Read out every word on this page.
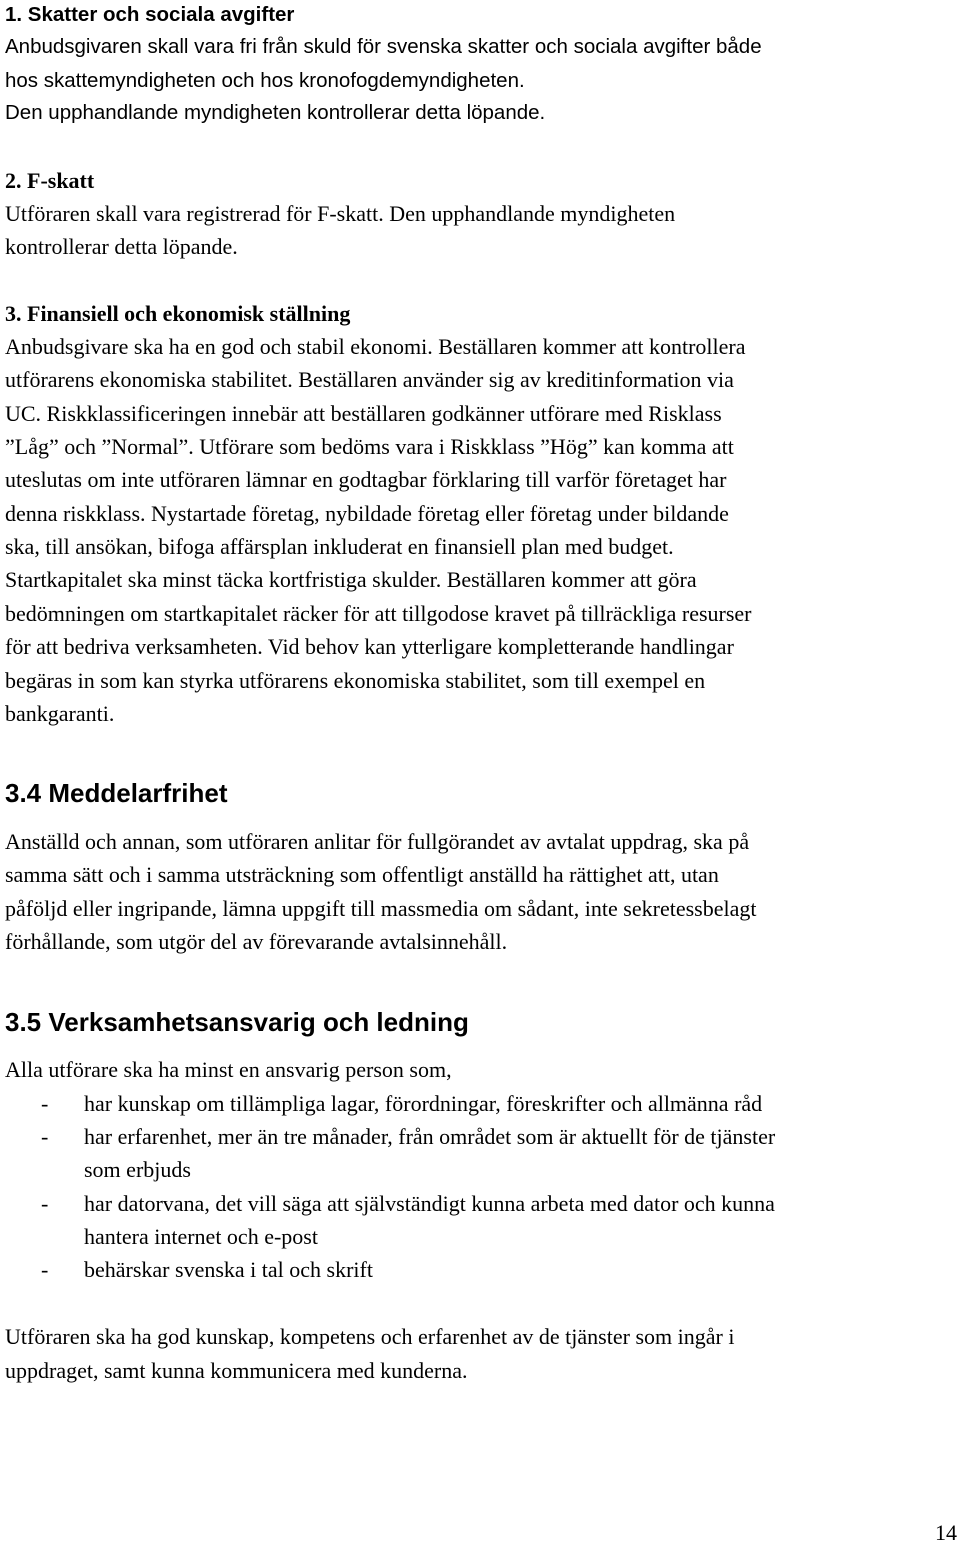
1. Skatter och sociala avgifter
Anbudsgivaren skall vara fri från skuld för svenska skatter och sociala avgifter både
hos skattemyndigheten och hos kronofogdemyndigheten.
Den upphandlande myndigheten kontrollerar detta löpande.
2. F-skatt
Utföraren skall vara registrerad för F-skatt. Den upphandlande myndigheten
kontrollerar detta löpande.
3. Finansiell och ekonomisk ställning
Anbudsgivare ska ha en god och stabil ekonomi. Beställaren kommer att kontrollera
utförarens ekonomiska stabilitet. Beställaren använder sig av kreditinformation via
UC. Riskklassificeringen innebär att beställaren godkänner utförare med Risklass
”Låg” och ”Normal”. Utförare som bedöms vara i Riskklass ”Hög” kan komma att
uteslutas om inte utföraren lämnar en godtagbar förklaring till varför företaget har
denna riskklass. Nystartade företag, nybildade företag eller företag under bildande
ska, till ansökan, bifoga affärsplan inkluderat en finansiell plan med budget.
Startkapitalet ska minst täcka kortfristiga skulder. Beställaren kommer att göra
bedömningen om startkapitalet räcker för att tillgodose kravet på tillräckliga resurser
för att bedriva verksamheten. Vid behov kan ytterligare kompletterande handlingar
begäras in som kan styrka utförarens ekonomiska stabilitet, som till exempel en
bankgaranti.
3.4 Meddelarfrihet
Anställd och annan, som utföraren anlitar för fullgörandet av avtalat uppdrag, ska på
samma sätt och i samma utsträckning som offentligt anställd ha rättighet att, utan
påföljd eller ingripande, lämna uppgift till massmedia om sådant, inte sekretessbelagt
förhållande, som utgör del av förevarande avtalsinnehåll.
3.5 Verksamhetsansvarig och ledning
Alla utförare ska ha minst en ansvarig person som,
- har kunskap om tillämpliga lagar, förordningar, föreskrifter och allmänna råd
- har erfarenhet, mer än tre månader, från området som är aktuellt för de tjänster
som erbjuds
- har datorvana, det vill säga att självständigt kunna arbeta med dator och kunna
hantera internet och e-post
- behärskar svenska i tal och skrift
Utföraren ska ha god kunskap, kompetens och erfarenhet av de tjänster som ingår i
uppdraget, samt kunna kommunicera med kunderna.
14
